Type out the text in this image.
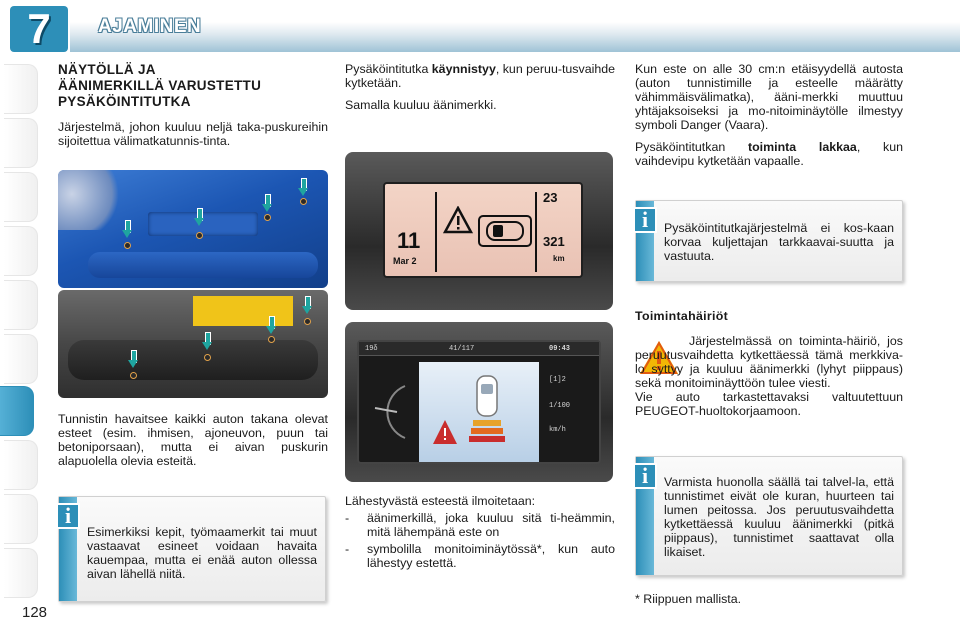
7	AJAMINEN
128
NÄYTÖLLÄ JA
ÄÄNIMERKILLÄ VARUSTETTU
PYSÄKÖINTITUTKA
Järjestelmä, johon kuuluu neljä taka-puskureihin sijoitettua välimatkatunnis-tinta.
Tunnistin havaitsee kaikki auton takana olevat esteet (esim. ihmisen, ajoneuvon, puun tai betoniporsaan), mutta ei aivan puskurin alapuolella olevia esteitä.
i
Esimerkiksi kepit, työmaamerkit tai muut vastaavat esineet voidaan havaita kauempaa, mutta ei enää auton ollessa aivan lähellä niitä.
Pysäköintitutka käynnistyy, kun peruu-tusvaihde kytketään.
Samalla kuuluu äänimerkki.
11
Mar 2
23
321
km
19δ	41/117	09:43
[1]2
1/100
km/h
Lähestyvästä esteestä ilmoitetaan:
-	äänimerkillä, joka kuuluu sitä ti-heämmin, mitä lähempänä este on
-	symbolilla monitoiminäytössä*, kun auto lähestyy estettä.
Kun este on alle 30 cm:n etäisyydellä autosta (auton tunnistimille ja esteelle määrätty vähimmäisvälimatka), ääni-merkki muuttuu yhtäjaksoiseksi ja mo-nitoiminäytölle ilmestyy symboli Danger (Vaara).
Pysäköintitutkan toiminta lakkaa, kun vaihdevipu kytketään vapaalle.
i	Pysäköintitutkajärjestelmä ei kos-kaan korvaa kuljettajan tarkkaavai-suutta ja vastuuta.
Toimintahäiriöt
Järjestelmässä on toiminta-häiriö, jos peruutusvaihdetta kytkettäessä tämä merkkiva-lo syttyy ja kuuluu äänimerkki (lyhyt piippaus) sekä monitoiminäyttöön tulee viesti.
Vie auto tarkastettavaksi valtuutettuun PEUGEOT-huoltokorjaamoon.
i	Varmista huonolla säällä tai talvel-la, että tunnistimet eivät ole kuran, huurteen tai lumen peitossa. Jos peruutusvaihdetta kytkettäessä kuuluu äänimerkki (pitkä piippaus), tunnistimet saattavat olla likaiset.
* Riippuen mallista.
